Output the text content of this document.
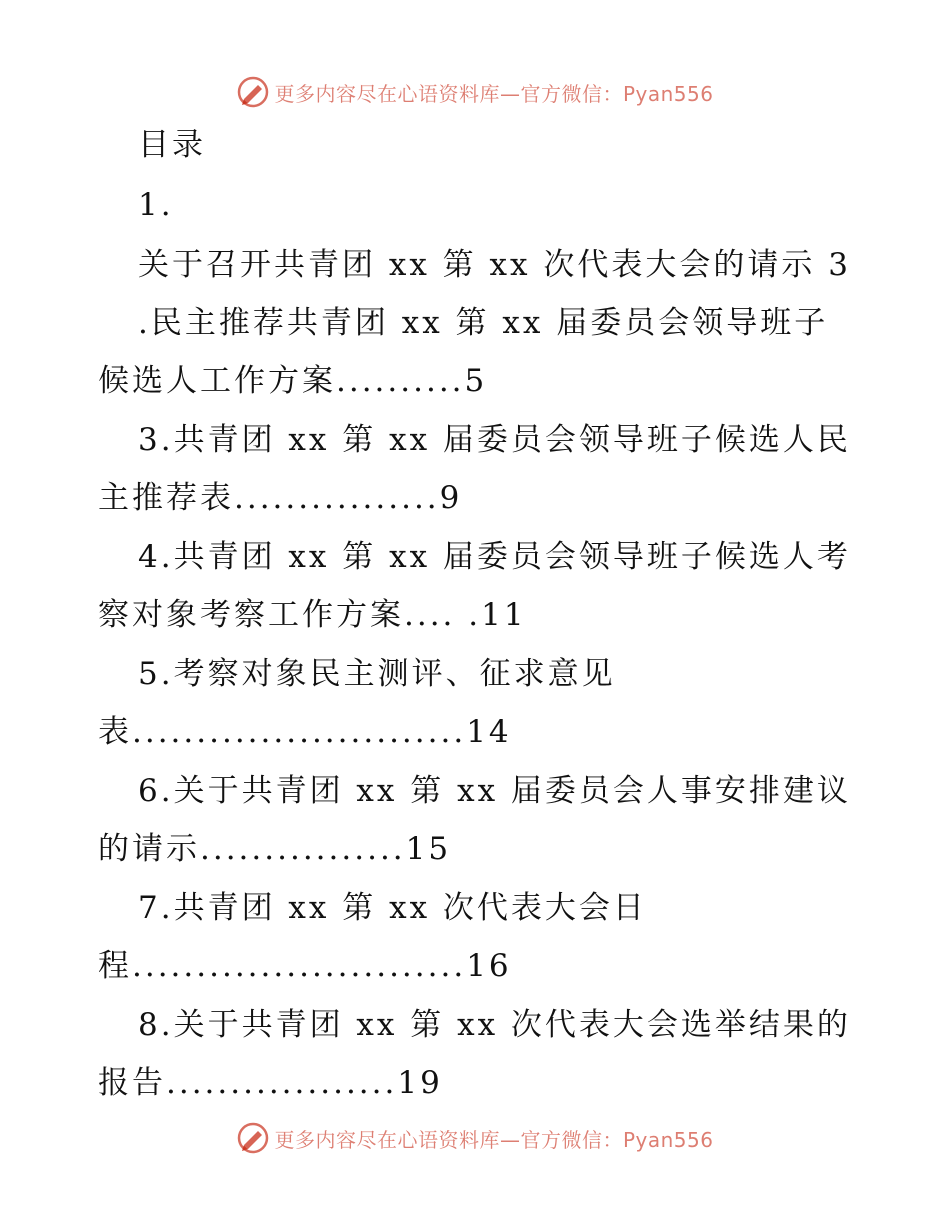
更多内容尽在心语资料库—官方微信：Pyan556
目录
1.
关于召开共青团 xx 第 xx 次代表大会的请示 3
.民主推荐共青团 xx 第 xx 届委员会领导班子
候选人工作方案..........5
3.共青团 xx 第 xx 届委员会领导班子候选人民
主推荐表................9
4.共青团 xx 第 xx 届委员会领导班子候选人考
察对象考察工作方案.... .11
5.考察对象民主测评、征求意见
表..........................14
6.关于共青团 xx 第 xx 届委员会人事安排建议
的请示................15
7.共青团 xx 第 xx 次代表大会日
程..........................16
8.关于共青团 xx 第 xx 次代表大会选举结果的
报告..................19
更多内容尽在心语资料库—官方微信：Pyan556
